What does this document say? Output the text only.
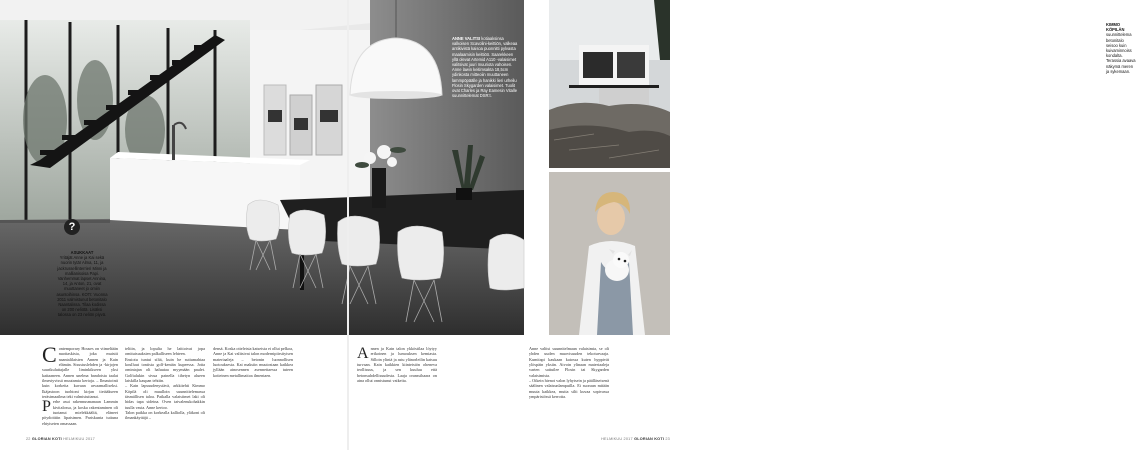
ANNE VALITSI kotiaaksinsa valkoisen Scavolini-keittiön, valkeaa antikivistä kaisoa puonnitti pylvasta maalaamisin keittiöö. Saarekkeen yllä olevat Artemid A110 -valaisimet valitsivat juuri muuriota vahoisen. Anne lawin keitimsakta 18,5cm ydinkosta mitteoiin muuttaneen lammpöpäälle ja hanikki lieri urheilu Flosin Skygarden valaisimet. Tuolit ovat Charles ja Ray Eamesin Vitalle suunnittelemat DSR:t.
?
ASUKKAAT
Yritäjät Anne ja Kai sekä nuorin tytär Alma, 11, ja jackrussellinterrieri Minni ja mallianisoisa Papi. Vanhemmat lapset Annina, 14, ja Anton, 21, ovat muuttaneet jo omiin asuntoihinsa. KOTI: Vuonna 2011 valmistunut betonitalo Naantalissa. Tilaa kodissa on 200 neliötä. Lisäksi talossa on 23 neliön piyvä.
KIMMO KÖPILÄN
suunnittelema betonitalo seisoo kuin kuivaminnoiss kondalta. Terassia avaava näkymä meren ja sykemaan.
JOAKIMIN VALATUN
betoniseinän pinnalle Anne on nojannut tiloista tyylikkyyttä. Taustaa ovat betoniapakkia poikki. Anne kertoi sylissään Papi-koira.
C ontemporary Houses on viimeltään nuottaskista, joka muistti naantalilaisten Annen ja Kain elämän. Sisustuslehden ja -kirjojen suurikuluttajalle liminkikseen yksi kaitaaneen. Annen unelma bandoista taalat ilmestyvissä muutamia kertoja. – Ilmastointi kuin korkeita kuvaan arvaamalliseksi. Ikäjastoon tuohtoni kirjan tietääkseen teräsimaailma teki valmistuttanut.

P erhe asui rakennusmanaan Lammin kivitalossa, ja koska rakentaminen oli tuotanut mielekkäältä, eläneet pöydoittiin lipaisimen. Pariskunta tuttuna ehtyiseten omassaan.
teltiin, ja lopulta he laittoivat jopa omituisuuksien palkalliseen lehteen.
Ensiotu tuntui siltä, kuin he suttumahtaa koulluut tontista golf-kentän kupeessa. Jotta omintajan oli haluutaa myymään paulet. Golftalukin sivua painella tihetyn alueen laiskilla kaupan tehtiin.
– Kain lapsuudenystävä, arkkitehti Kimmo Köpilä oli muulloin suunnittelemassa täsmällisen taloa. Paikalla valaisiimet laki oli hidas tapa sideina. Oven taivalenukohakkin tuulla vasta. Anne kertoo.
Talon paikka on korkealla kalliolla, yläkoni oli ilmankäyttäjä –
densä. Koska otteleista katseista ei ollut pelkoa, Anne ja Kai valitsivat talon modernipiirsityisen materiaaleja – betonin luonnollisen luotouksesta. Kai maksiin muutostaan kaikkea jyllään ainosennen asennettaessa tuteen kotieinen metallimaitoa ilmentaen.
A nnen ja Kain talon ykköstilaa löytyy erikoinen ja lumouksen kemiasta. Silloin ylintä ja astu ylänorleilin katsuu turvaan. Kain kaikkien kiinteistön oheneva teollisuus, ja sen kuuluu että betonsuhdellisuudesta. Laaja oranssihaara on aina ollut onnistunut vaikeita.
Anne valitsi suunnitelmaan valaisimia, se oli yhden uuden muovisuuden tekoturvaaja. Kumitapi kaukaan katossa kuten hyppivät ylöspäin yksiin. Aivoin ylinaan materiaaleja varten sattuilee Flosin tai Skygarden valaisimista.
– Oikein hienot valon lyhytsein ja päälläseisenä säälinen valaisunlampuilla. Ei suoraan mitään muuta kaikkea, mutta silti kuvaa sopivassa ympäristössä kerrotta.
22 GLORIAN KOTI HELMIKUU 2017	HELMIKUU 2017 GLORIAN KOTI 23
